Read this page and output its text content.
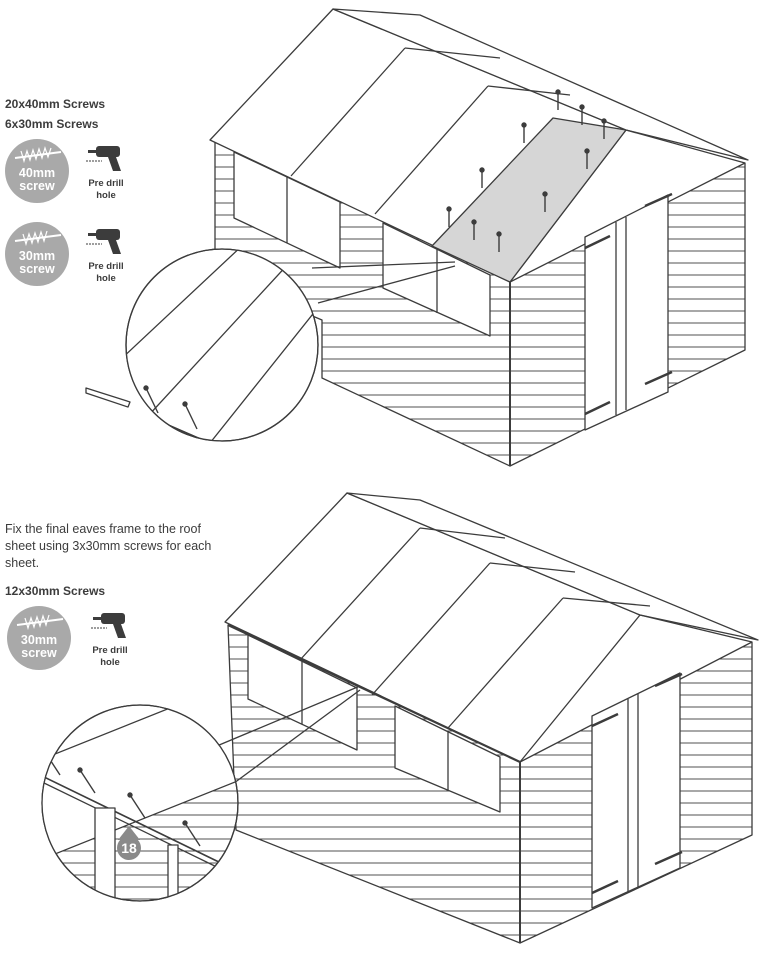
20x40mm Screws
6x30mm Screws
40mm
screw	Pre drill
hole
30mm
screw	Pre drill
hole
Fix the final eaves frame to the roof
sheet using 3x30mm screws for each
sheet.
12x30mm Screws
30mm
screw	Pre drill
hole
18
